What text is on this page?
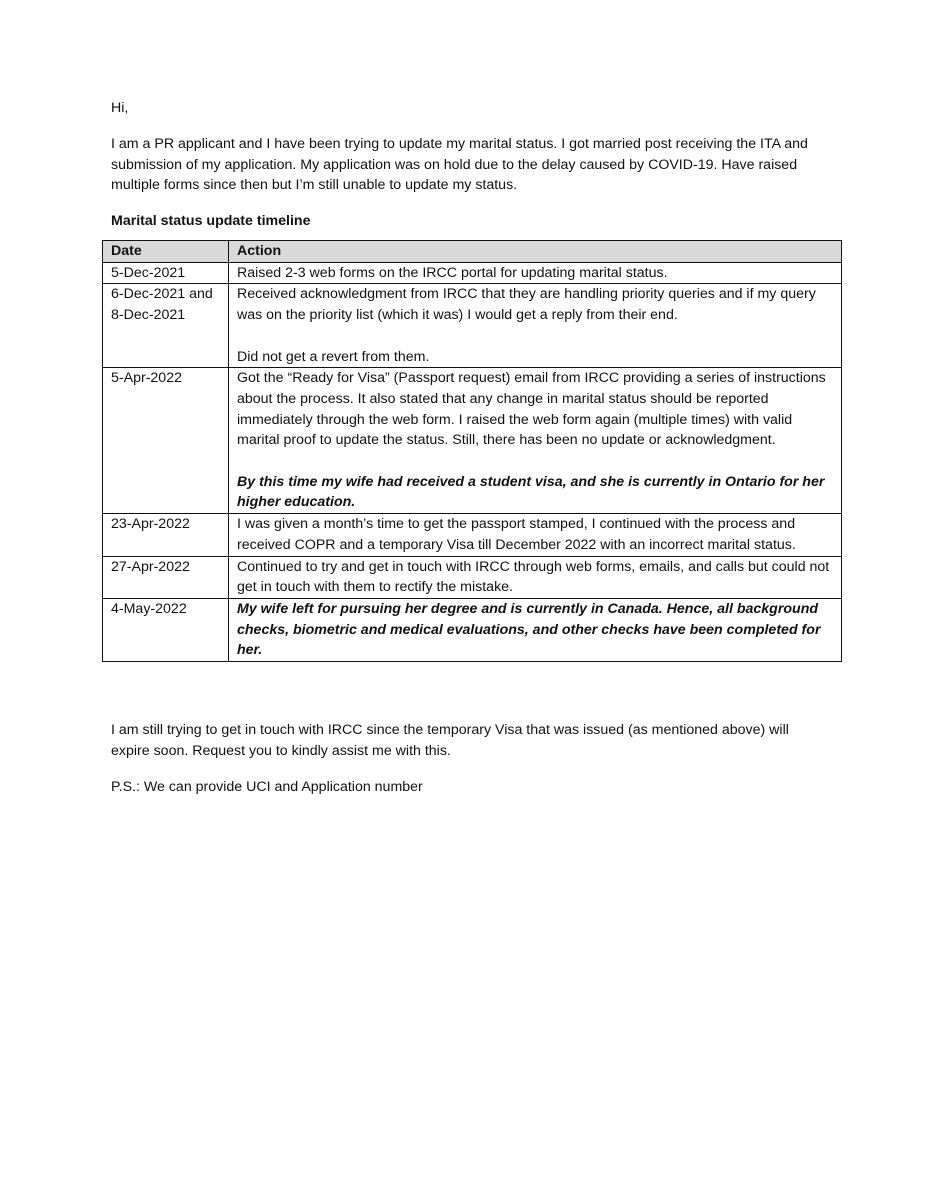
Hi,

I am a PR applicant and I have been trying to update my marital status. I got married post receiving the ITA and submission of my application. My application was on hold due to the delay caused by COVID-19. Have raised multiple forms since then but I’m still unable to update my status.

Marital status update timeline

Date	Action
5-Dec-2021	Raised 2-3 web forms on the IRCC portal for updating marital status.
6-Dec-2021 and 8-Dec-2021	Received acknowledgment from IRCC that they are handling priority queries and if my query was on the priority list (which it was) I would get a reply from their end.
Did not get a revert from them.

5-Apr-2022	Got the “Ready for Visa” (Passport request) email from IRCC providing a series of instructions about the process. It also stated that any change in marital status should be reported immediately through the web form. I raised the web form again (multiple times) with valid marital proof to update the status. Still, there has been no update or acknowledgment.
By this time my wife had received a student visa, and she is currently in Ontario for her higher education.

23-Apr-2022	I was given a month’s time to get the passport stamped, I continued with the process and received COPR and a temporary Visa till December 2022 with an incorrect marital status.
27-Apr-2022	Continued to try and get in touch with IRCC through web forms, emails, and calls but could not get in touch with them to rectify the mistake.
4-May-2022	My wife left for pursuing her degree and is currently in Canada. Hence, all background checks, biometric and medical evaluations, and other checks have been completed for her.

I am still trying to get in touch with IRCC since the temporary Visa that was issued (as mentioned above) will expire soon. Request you to kindly assist me with this.

P.S.: We can provide UCI and Application number
